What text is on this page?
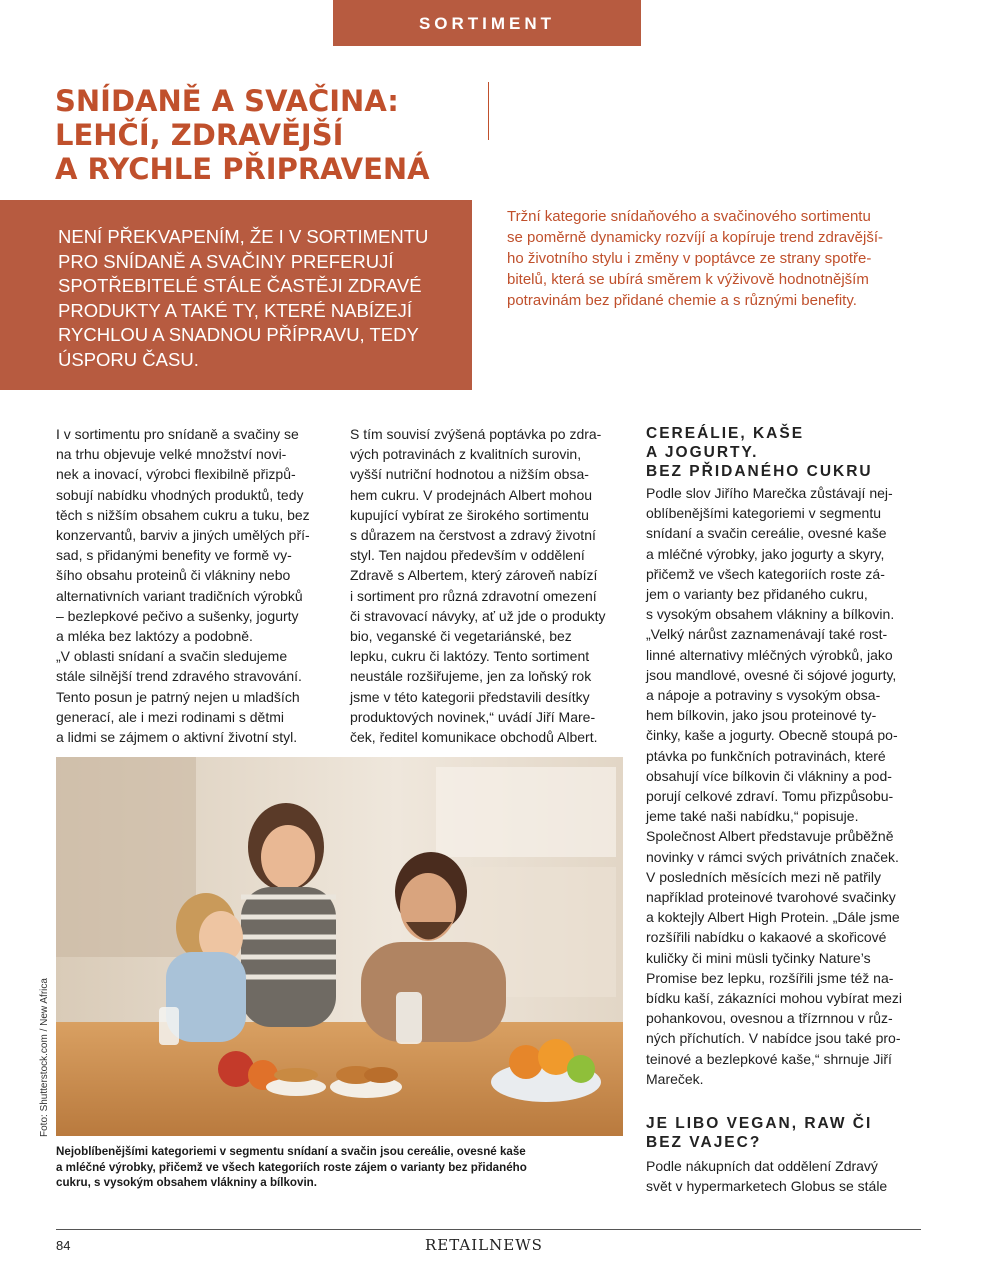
SORTIMENT
SNÍDANĚ A SVAČINA:
LEHČÍ, ZDRAVĚJŠÍ
A RYCHLE PŘIPRAVENÁ
NENÍ PŘEKVAPENÍM, ŽE I V SORTIMENTU
PRO SNÍDANĚ A SVAČINY PREFERUJÍ
SPOTŘEBITELÉ STÁLE ČASTĚJI ZDRAVÉ
PRODUKTY A TAKÉ TY, KTERÉ NABÍZEJÍ
RYCHLOU A SNADNOU PŘÍPRAVU, TEDY
ÚSPORU ČASU.
Tržní kategorie snídaňového a svačinového sortimentu
se poměrně dynamicky rozvíjí a kopíruje trend zdravější-
ho životního stylu i změny v poptávce ze strany spotře-
bitelů, která se ubírá směrem k výživově hodnotnějším
potravinám bez přidané chemie a s různými benefity.
I v sortimentu pro snídaně a svačiny se
na trhu objevuje velké množství novi-
nek a inovací, výrobci flexibilně přizpů-
sobují nabídku vhodných produktů, tedy
těch s nižším obsahem cukru a tuku, bez
konzervantů, barviv a jiných umělých pří-
sad, s přidanými benefity ve formě vy-
šího obsahu proteinů či vlákniny nebo
alternativních variant tradičních výrobků
– bezlepkové pečivo a sušenky, jogurty
a mléka bez laktózy a podobně.
„V oblasti snídaní a svačin sledujeme
stále silnější trend zdravého stravování.
Tento posun je patrný nejen u mladších
generací, ale i mezi rodinami s dětmi
a lidmi se zájmem o aktivní životní styl.
S tím souvisí zvýšená poptávka po zdra-
vých potravinách z kvalitních surovin,
vyšší nutriční hodnotou a nižším obsa-
hem cukru. V prodejnách Albert mohou
kupující vybírat ze širokého sortimentu
s důrazem na čerstvost a zdravý životní
styl. Ten najdou především v oddělení
Zdravě s Albertem, který zároveň nabízí
i sortiment pro různá zdravotní omezení
či stravovací návyky, ať už jde o produkty
bio, veganské či vegetariánské, bez
lepku, cukru či laktózy. Tento sortiment
neustále rozšiřujeme, jen za loňský rok
jsme v této kategorii představili desítky
produktových novinek,“ uvádí Jiří Mare-
ček, ředitel komunikace obchodů Albert.
CEREÁLIE, KAŠE
A JOGURTY.
BEZ PŘIDANÉHO CUKRU
Podle slov Jiřího Marečka zůstávají nej-
oblíbenějšími kategoriemi v segmentu
snídaní a svačin cereálie, ovesné kaše
a mléčné výrobky, jako jogurty a skyry,
přičemž ve všech kategoriích roste zá-
jem o varianty bez přidaného cukru,
s vysokým obsahem vlákniny a bílkovin.
„Velký nárůst zaznamenávají také rost-
linné alternativy mléčných výrobků, jako
jsou mandlové, ovesné či sójové jogurty,
a nápoje a potraviny s vysokým obsa-
hem bílkovin, jako jsou proteinové ty-
činky, kaše a jogurty. Obecně stoupá po-
ptávka po funkčních potravinách, které
obsahují více bílkovin či vlákniny a pod-
porují celkové zdraví. Tomu přizpůsobu-
jeme také naši nabídku,“ popisuje.
Společnost Albert představuje průběžně
novinky v rámci svých privátních značek.
V posledních měsících mezi ně patřily
například proteinové tvarohové svačinky
a koktejly Albert High Protein. „Dále jsme
rozšířili nabídku o kakaové a skořicové
kuličky či mini müsli tyčinky Nature’s
Promise bez lepku, rozšířili jsme též na-
bídku kaší, zákazníci mohou vybírat mezi
pohankovou, ovesnou a třízrnnou v růz-
ných příchutích. V nabídce jsou také pro-
teinové a bezlepkové kaše,“ shrnuje Jiří
Mareček.
JE LIBO VEGAN, RAW ČI
BEZ VAJEC?
Podle nákupních dat oddělení Zdravý
svět v hypermarketech Globus se stále
Foto: Shutterstock.com / New Africa
Nejoblíbenějšími kategoriemi v segmentu snídaní a svačin jsou cereálie, ovesné kaše
a mléčné výrobky, přičemž ve všech kategoriích roste zájem o varianty bez přidaného
cukru, s vysokým obsahem vlákniny a bílkovin.
84	RETAILNEWS
